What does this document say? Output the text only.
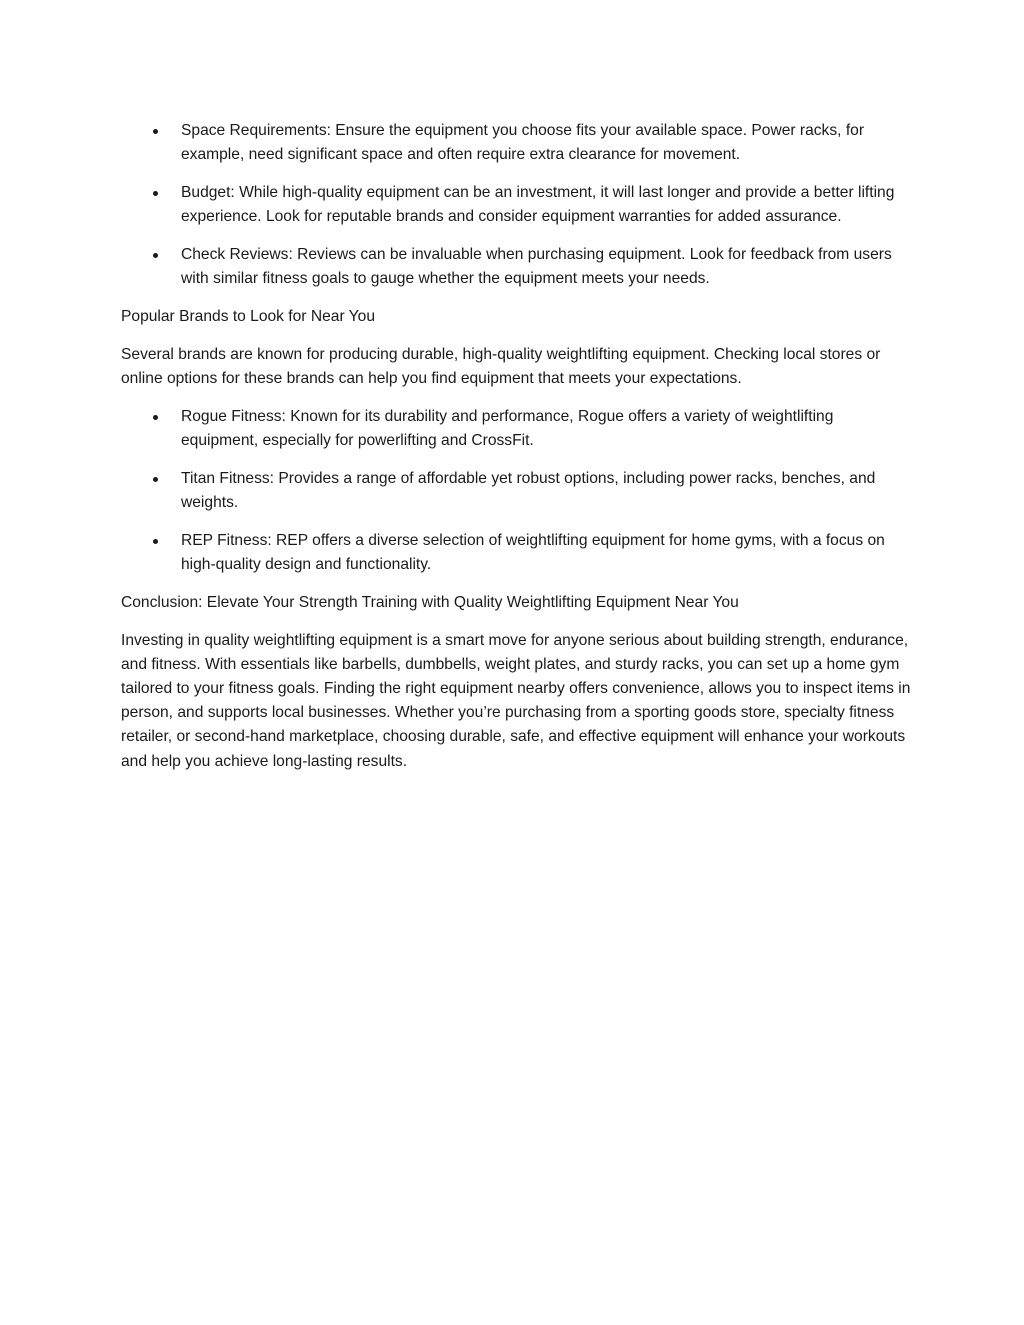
Space Requirements: Ensure the equipment you choose fits your available space. Power racks, for example, need significant space and often require extra clearance for movement.
Budget: While high-quality equipment can be an investment, it will last longer and provide a better lifting experience. Look for reputable brands and consider equipment warranties for added assurance.
Check Reviews: Reviews can be invaluable when purchasing equipment. Look for feedback from users with similar fitness goals to gauge whether the equipment meets your needs.

Popular Brands to Look for Near You

Several brands are known for producing durable, high-quality weightlifting equipment. Checking local stores or online options for these brands can help you find equipment that meets your expectations.

Rogue Fitness: Known for its durability and performance, Rogue offers a variety of weightlifting equipment, especially for powerlifting and CrossFit.
Titan Fitness: Provides a range of affordable yet robust options, including power racks, benches, and weights.
REP Fitness: REP offers a diverse selection of weightlifting equipment for home gyms, with a focus on high-quality design and functionality.

Conclusion: Elevate Your Strength Training with Quality Weightlifting Equipment Near You

Investing in quality weightlifting equipment is a smart move for anyone serious about building strength, endurance, and fitness. With essentials like barbells, dumbbells, weight plates, and sturdy racks, you can set up a home gym tailored to your fitness goals. Finding the right equipment nearby offers convenience, allows you to inspect items in person, and supports local businesses. Whether you’re purchasing from a sporting goods store, specialty fitness retailer, or second-hand marketplace, choosing durable, safe, and effective equipment will enhance your workouts and help you achieve long-lasting results.
